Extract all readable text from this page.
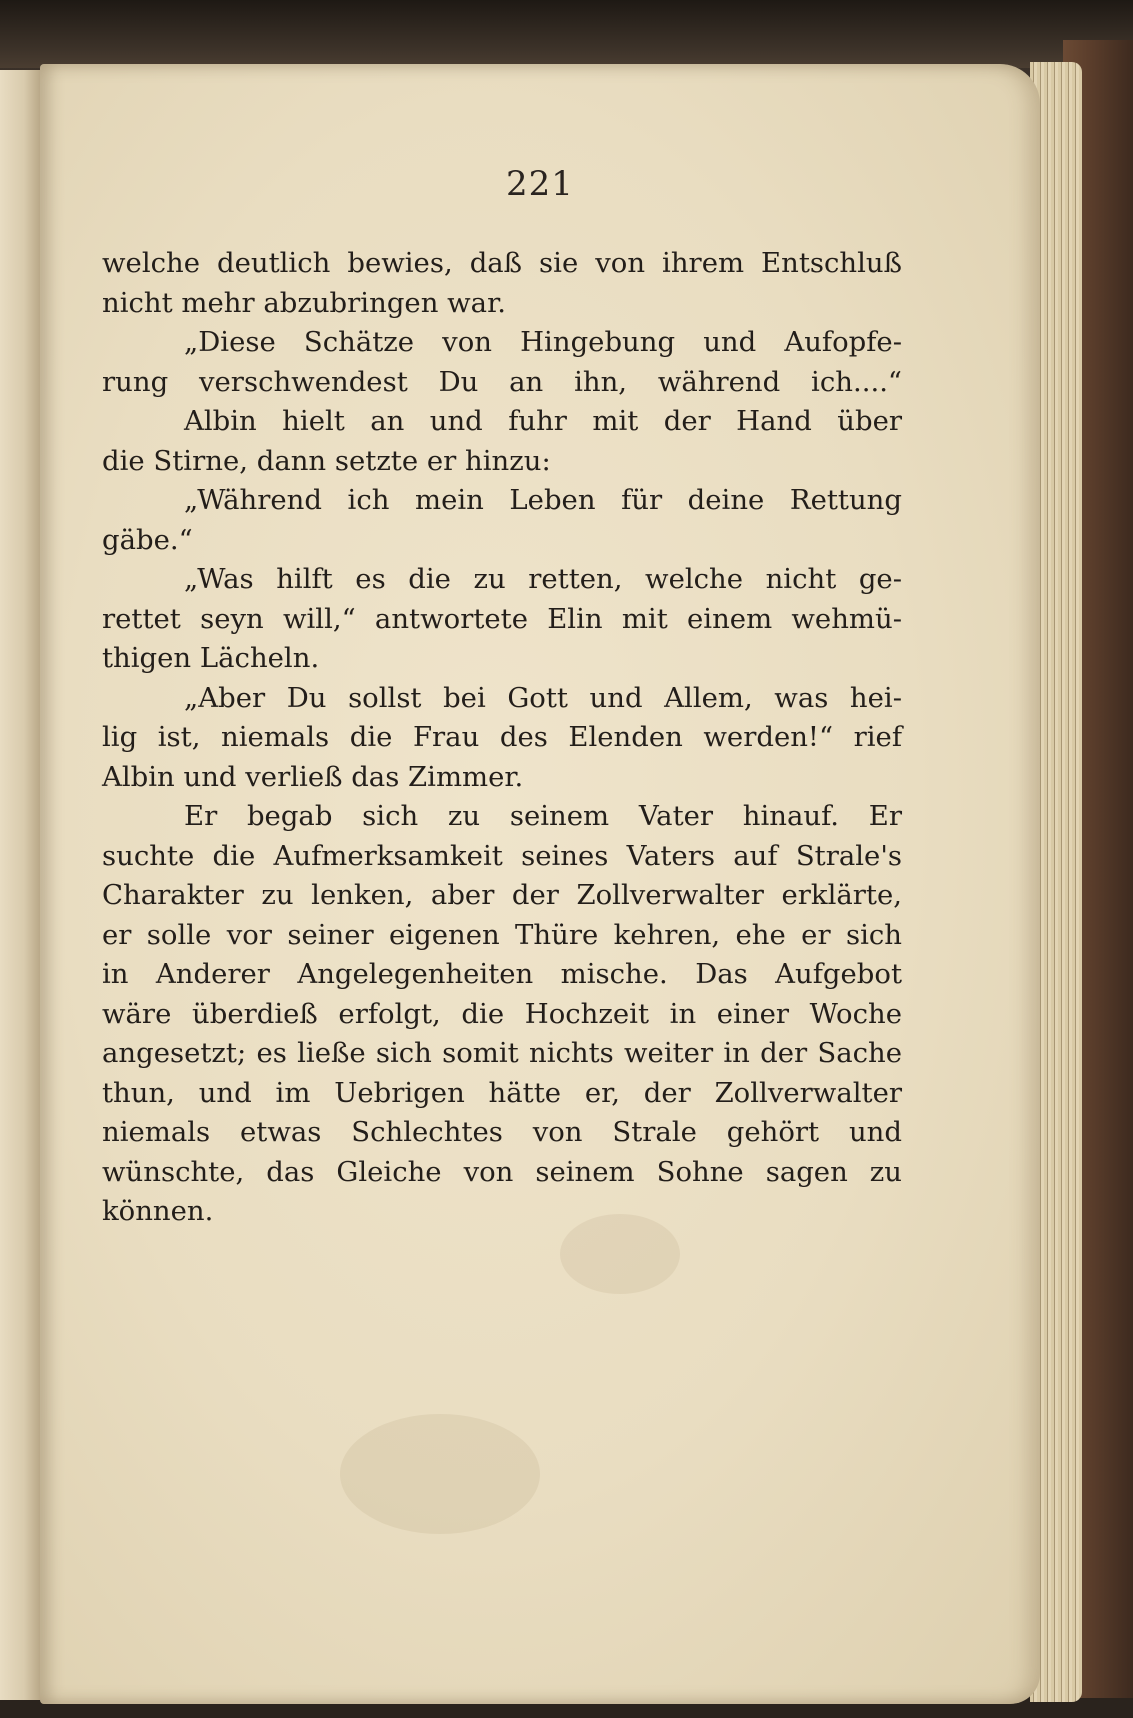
221
welche deutlich bewies, daß sie von ihrem Entschluß
nicht mehr abzubringen war.
„Diese Schätze von Hingebung und Aufopfe-
rung verschwendest Du an ihn, während ich....“
Albin hielt an und fuhr mit der Hand über
die Stirne, dann setzte er hinzu:
„Während ich mein Leben für deine Rettung
gäbe.“
„Was hilft es die zu retten, welche nicht ge-
rettet seyn will,“ antwortete Elin mit einem wehmü-
thigen Lächeln.
„Aber Du sollst bei Gott und Allem, was hei-
lig ist, niemals die Frau des Elenden werden!“ rief
Albin und verließ das Zimmer.
Er begab sich zu seinem Vater hinauf. Er
suchte die Aufmerksamkeit seines Vaters auf Strale's
Charakter zu lenken, aber der Zollverwalter erklärte,
er solle vor seiner eigenen Thüre kehren, ehe er sich
in Anderer Angelegenheiten mische. Das Aufgebot
wäre überdieß erfolgt, die Hochzeit in einer Woche
angesetzt; es ließe sich somit nichts weiter in der Sache
thun, und im Uebrigen hätte er, der Zollverwalter
niemals etwas Schlechtes von Strale gehört und
wünschte, das Gleiche von seinem Sohne sagen zu
können.
